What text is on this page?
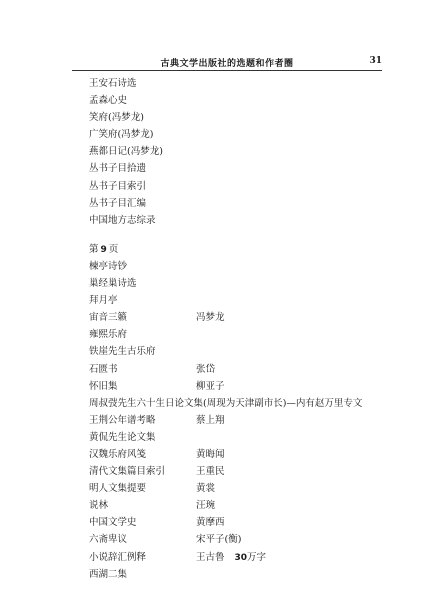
古典文学出版社的选题和作者圈	31
王安石诗选
孟森心史
笑府(冯梦龙)
广笑府(冯梦龙)
燕都日记(冯梦龙)
丛书子目拾遗
丛书子目索引
丛书子目汇编
中国地方志综录
第 9 页
楝亭诗钞
巢经巢诗选
拜月亭
宙音三籁	冯梦龙
雍熙乐府
铁崖先生古乐府
石匮书	张岱
怀旧集	柳亚子
周叔弢先生六十生日论文集(周现为天津副市长)—内有赵万里专文
王荆公年谱考略	蔡上翔
黄侃先生论文集
汉魏乐府风笺	黄晦闻
清代文集篇目索引	王重民
明人文集提要	黄裳
说林	汪琬
中国文学史	黄摩西
六斋卑议	宋平子(衡)
小说辞汇例释	王古鲁 30万字
西湖二集
